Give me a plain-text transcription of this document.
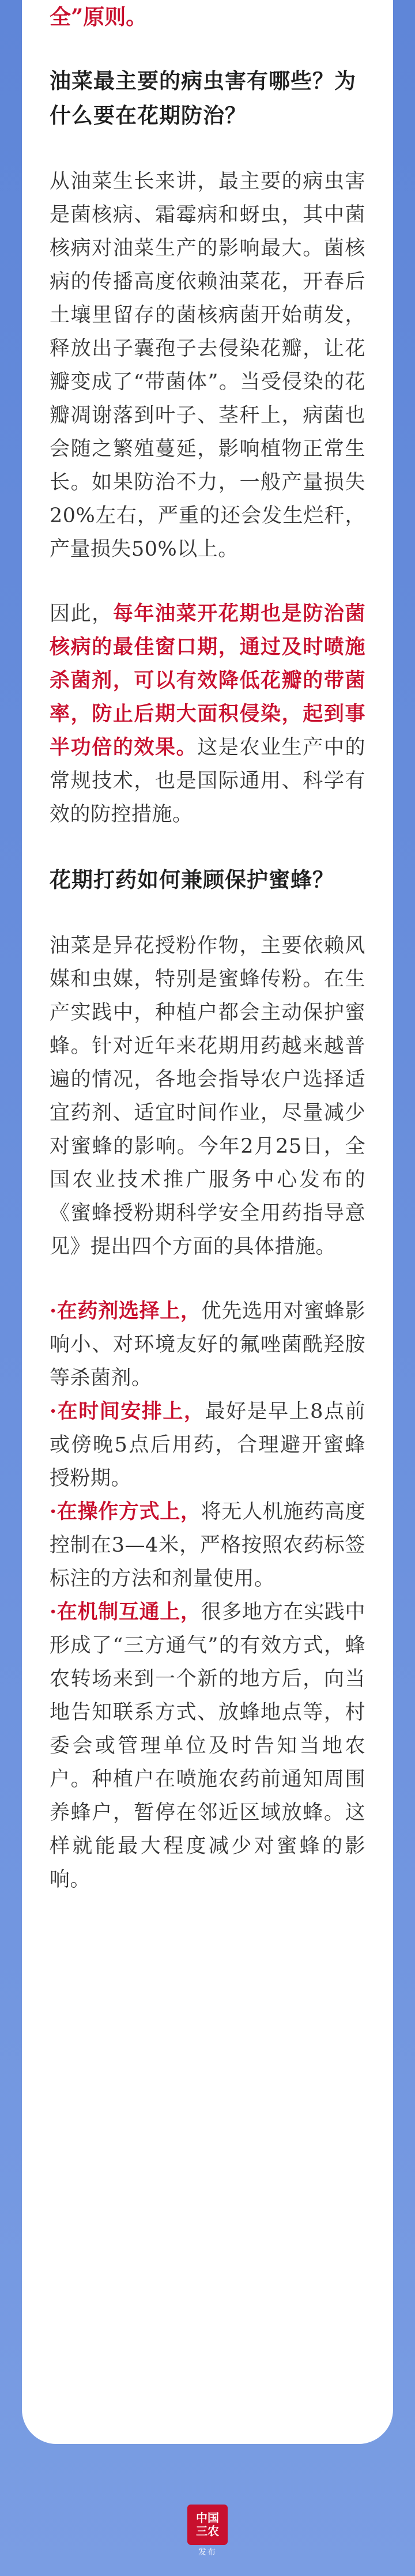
全”原则。
油菜最主要的病虫害有哪些？为什么要在花期防治？
从油菜生长来讲，最主要的病虫害是菌核病、霜霉病和蚜虫，其中菌核病对油菜生产的影响最大。菌核病的传播高度依赖油菜花，开春后土壤里留存的菌核病菌开始萌发，释放出子囊孢子去侵染花瓣，让花瓣变成了“带菌体”。当受侵染的花瓣凋谢落到叶子、茎秆上，病菌也会随之繁殖蔓延，影响植物正常生长。如果防治不力，一般产量损失20%左右，严重的还会发生烂秆，产量损失50%以上。
因此，每年油菜开花期也是防治菌核病的最佳窗口期，通过及时喷施杀菌剂，可以有效降低花瓣的带菌率，防止后期大面积侵染，起到事半功倍的效果。这是农业生产中的常规技术，也是国际通用、科学有效的防控措施。
花期打药如何兼顾保护蜜蜂？
油菜是异花授粉作物，主要依赖风媒和虫媒，特别是蜜蜂传粉。在生产实践中，种植户都会主动保护蜜蜂。针对近年来花期用药越来越普遍的情况，各地会指导农户选择适宜药剂、适宜时间作业，尽量减少对蜜蜂的影响。今年2月25日，全国农业技术推广服务中心发布的《蜜蜂授粉期科学安全用药指导意见》提出四个方面的具体措施。
·在药剂选择上，优先选用对蜜蜂影响小、对环境友好的氟唑菌酰羟胺等杀菌剂。
·在时间安排上，最好是早上8点前或傍晚5点后用药，合理避开蜜蜂授粉期。
·在操作方式上，将无人机施药高度控制在3—4米，严格按照农药标签标注的方法和剂量使用。
·在机制互通上，很多地方在实践中形成了“三方通气”的有效方式，蜂农转场来到一个新的地方后，向当地告知联系方式、放蜂地点等，村委会或管理单位及时告知当地农户。种植户在喷施农药前通知周围养蜂户，暂停在邻近区域放蜂。这样就能最大程度减少对蜜蜂的影响。
中国
三农
发布
